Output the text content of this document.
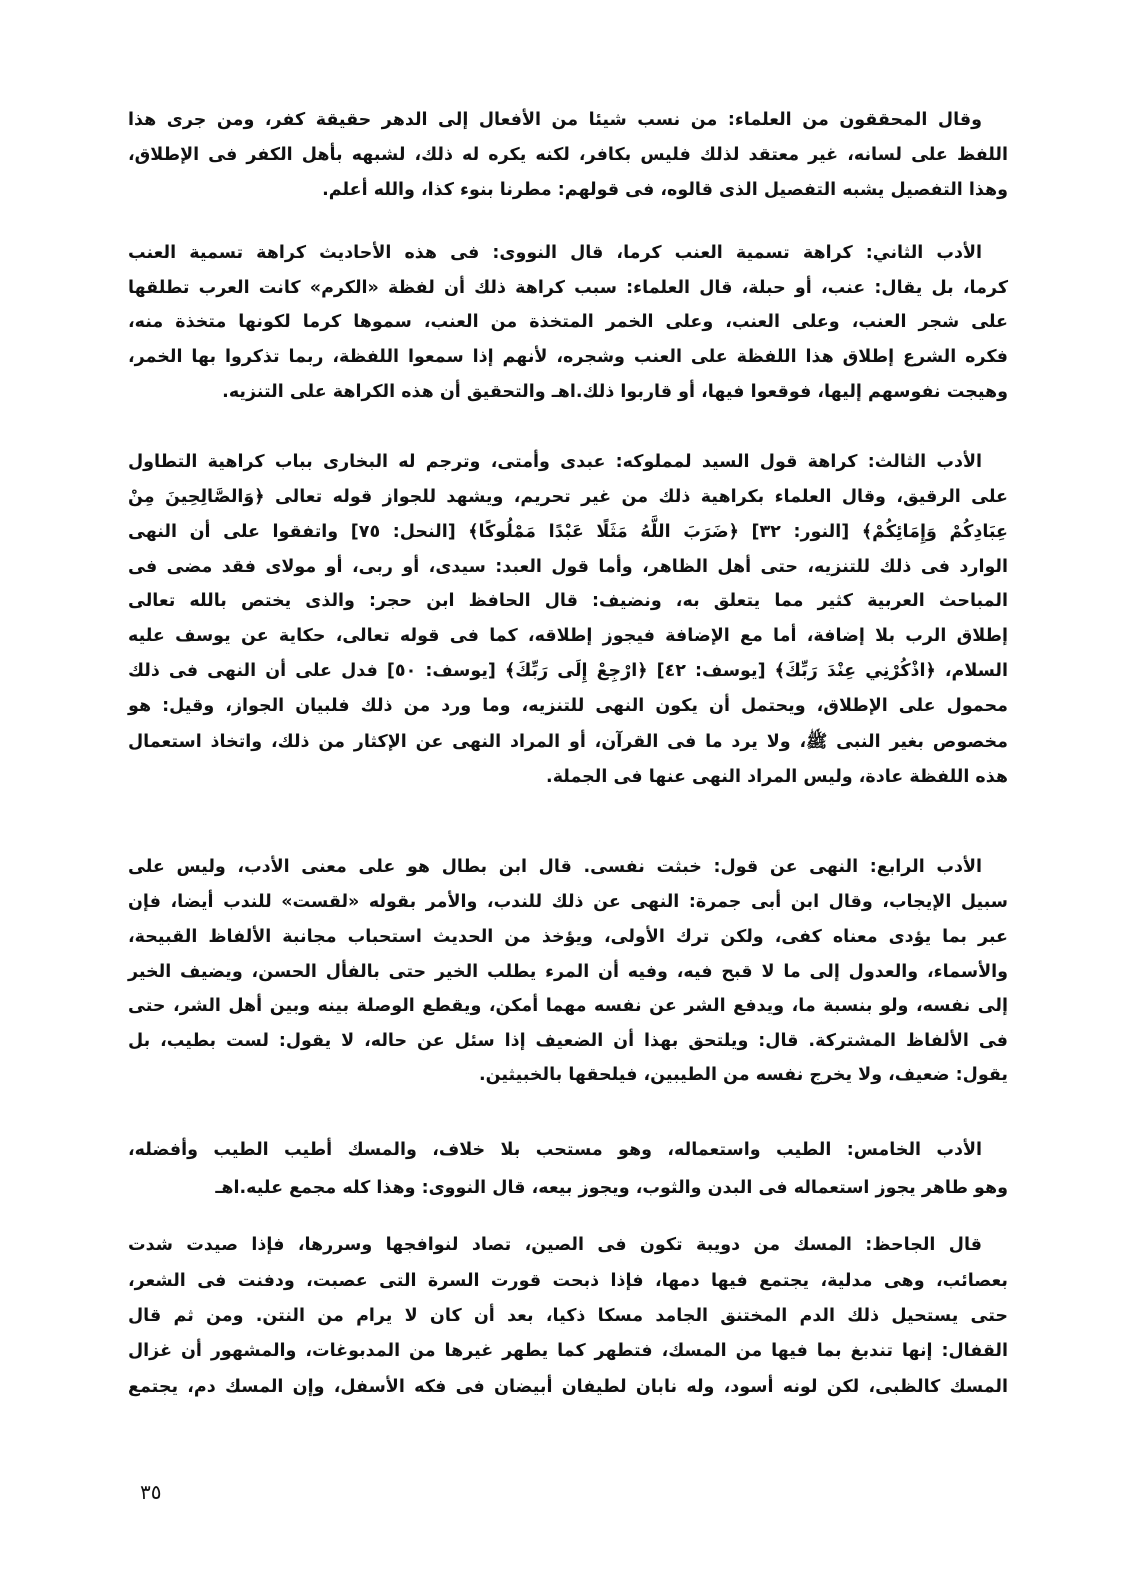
٣٥
وقال المحققون من العلماء: من نسب شيئا من الأفعال إلى الدهر حقيقة كفر، ومن جرى هذا
اللفظ على لسانه، غير معتقد لذلك فليس بكافر، لكنه يكره له ذلك، لشبهه بأهل الكفر فى الإطلاق،
وهذا التفصيل يشبه التفصيل الذى قالوه، فى قولهم: مطرنا بنوء كذا، والله أعلم.
الأدب الثاني: كراهة تسمية العنب كرما، قال النووى: فى هذه الأحاديث كراهة تسمية العنب
كرما، بل يقال: عنب، أو حبلة، قال العلماء: سبب كراهة ذلك أن لفظة «الكرم» كانت العرب تطلقها
على شجر العنب، وعلى العنب، وعلى الخمر المتخذة من العنب، سموها كرما لكونها متخذة منه،
فكره الشرع إطلاق هذا اللفظة على العنب وشجره، لأنهم إذا سمعوا اللفظة، ربما تذكروا بها الخمر،
وهيجت نفوسهم إليها، فوقعوا فيها، أو قاربوا ذلك.اهـ والتحقيق أن هذه الكراهة على التنزيه.
الأدب الثالث: كراهة قول السيد لمملوكه: عبدى وأمتى، وترجم له البخارى بباب كراهية التطاول
على الرقيق، وقال العلماء بكراهية ذلك من غير تحريم، ويشهد للجواز قوله تعالى ﴿وَالصَّالِحِينَ مِنْ
عِبَادِكُمْ وَإِمَائِكُمْ﴾ [النور: ٣٢] ﴿ضَرَبَ اللَّهُ مَثَلًا عَبْدًا مَمْلُوكًا﴾ [النحل: ٧٥] واتفقوا على أن النهى
الوارد فى ذلك للتنزيه، حتى أهل الظاهر، وأما قول العبد: سيدى، أو ربى، أو مولاى فقد مضى فى
المباحث العربية كثير مما يتعلق به، ونضيف: قال الحافظ ابن حجر: والذى يختص بالله تعالى
إطلاق الرب بلا إضافة، أما مع الإضافة فيجوز إطلاقه، كما فى قوله تعالى، حكاية عن يوسف عليه
السلام، ﴿اذْكُرْنِي عِنْدَ رَبِّكَ﴾ [يوسف: ٤٢] ﴿ارْجِعْ إِلَى رَبِّكَ﴾ [يوسف: ٥٠] فدل على أن النهى فى ذلك
محمول على الإطلاق، ويحتمل أن يكون النهى للتنزيه، وما ورد من ذلك فلبيان الجواز، وقيل: هو
مخصوص بغير النبى ﷺ، ولا يرد ما فى القرآن، أو المراد النهى عن الإكثار من ذلك، واتخاذ استعمال
هذه اللفظة عادة، وليس المراد النهى عنها فى الجملة.
الأدب الرابع: النهى عن قول: خبثت نفسى. قال ابن بطال هو على معنى الأدب، وليس على
سبيل الإيجاب، وقال ابن أبى جمرة: النهى عن ذلك للندب، والأمر بقوله «لقست» للندب أيضا، فإن
عبر بما يؤدى معناه كفى، ولكن ترك الأولى، ويؤخذ من الحديث استحباب مجانبة الألفاظ القبيحة،
والأسماء، والعدول إلى ما لا قبح فيه، وفيه أن المرء يطلب الخير حتى بالفأل الحسن، ويضيف الخير
إلى نفسه، ولو بنسبة ما، ويدفع الشر عن نفسه مهما أمكن، ويقطع الوصلة بينه وبين أهل الشر، حتى
فى الألفاظ المشتركة. قال: ويلتحق بهذا أن الضعيف إذا سئل عن حاله، لا يقول: لست بطيب، بل
يقول: ضعيف، ولا يخرج نفسه من الطيبين، فيلحقها بالخبيثين.
الأدب الخامس: الطيب واستعماله، وهو مستحب بلا خلاف، والمسك أطيب الطيب وأفضله،
وهو طاهر يجوز استعماله فى البدن والثوب، ويجوز بيعه، قال النووى: وهذا كله مجمع عليه.اهـ
قال الجاحظ: المسك من دويبة تكون فى الصين، تصاد لنوافجها وسررها، فإذا صيدت شدت
بعصائب، وهى مدلية، يجتمع فيها دمها، فإذا ذبحت قورت السرة التى عصبت، ودفنت فى الشعر،
حتى يستحيل ذلك الدم المختنق الجامد مسكا ذكيا، بعد أن كان لا يرام من النتن. ومن ثم قال
القفال: إنها تندبغ بما فيها من المسك، فتطهر كما يطهر غيرها من المدبوغات، والمشهور أن غزال
المسك كالظبى، لكن لونه أسود، وله نابان لطيفان أبيضان فى فكه الأسفل، وإن المسك دم، يجتمع
